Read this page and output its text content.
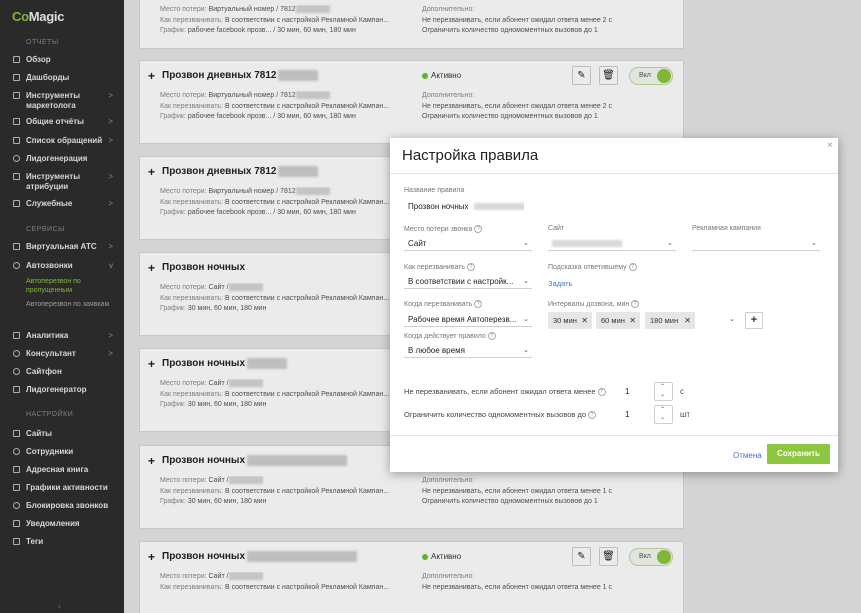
CoMagic
ОТЧЕТЫ
Обзор
Дашборды
Инструменты маркетолога
>
Общие отчёты	>
Список обращений >
Лидогенерация
Инструменты атрибуции
>
Служебные	>
СЕРВИСЫ
Виртуальная АТС	>
Автозвонки	v
Автоперезвон по пропущенным
Автоперезвон по заявкам
Аналитика	>
Консультант	>
Сайтфон
Лидогенератор
НАСТРОЙКИ
Сайты
Сотрудники
Адресная книга
Графики активности
Блокировка звонков
Уведомления
Теги
‹
Место потери: Виртуальный номер / 7812
Как перезванивать: В соответствии с настройкой Рекламной Кампан...
График: рабочее facebook прозв... / 30 мин, 60 мин, 180 мин
Дополнительно:
Не перезванивать, если абонент ожидал ответа менее 2 с
Ограничить количество одномоментных вызовов до 1
+ Прозвон дневных 7812	Активно	✎	🗑	Вкл
Место потери: Виртуальный номер / 7812
Как перезванивать: В соответствии с настройкой Рекламной Кампан...
График: рабочее facebook прозв... / 30 мин, 60 мин, 180 мин
Дополнительно:
Не перезванивать, если абонент ожидал ответа менее 2 с
Ограничить количество одномоментных вызовов до 1
+ Прозвон дневных 7812
Место потери: Виртуальный номер / 7812
Как перезванивать: В соответствии с настройкой Рекламной Кампан...
График: рабочее facebook прозв... / 30 мин, 60 мин, 180 мин
+ Прозвон ночных
Место потери: Сайт /
Как перезванивать: В соответствии с настройкой Рекламной Кампан...
График: 30 мин, 60 мин, 180 мин
+ Прозвон ночных
Место потери: Сайт /
Как перезванивать: В соответствии с настройкой Рекламной Кампан...
График: 30 мин, 60 мин, 180 мин
+ Прозвон ночных
Место потери: Сайт /
Как перезванивать: В соответствии с настройкой Рекламной Кампан...
График: 30 мин, 60 мин, 180 мин
Дополнительно:
Не перезванивать, если абонент ожидал ответа менее 1 с
Ограничить количество одномоментных вызовов до 1
+ Прозвон ночных	Активно	✎	🗑	Вкл
Место потери: Сайт /
Как перезванивать: В соответствии с настройкой Рекламной Кампан...
Дополнительно:
Не перезванивать, если абонент ожидал ответа менее 1 с
Настройка правила
×
Название правила
Прозвон ночных
Место потери звонка ?
Сайт	⌄
Сайт
⌄
Рекламная кампания
⌄
Как перезванивать ?
В соответствии с настройк... ⌄
Подсказка ответившему ?
Задать
Когда перезванивать ?
Рабочее время Автоперезв... ⌄
Интервалы дозвона, мин ?
30 мин ✕	60 мин ✕	180 мин ✕	⌄	+
Когда действует правило ?
В любое время	⌄
Не перезванивать, если абонент ожидал ответа менее ?	1	⌃
⌄ с
Ограничить количество одномоментных вызовов до ?	1	⌃
⌄ шт
Отмена	Сохранить
